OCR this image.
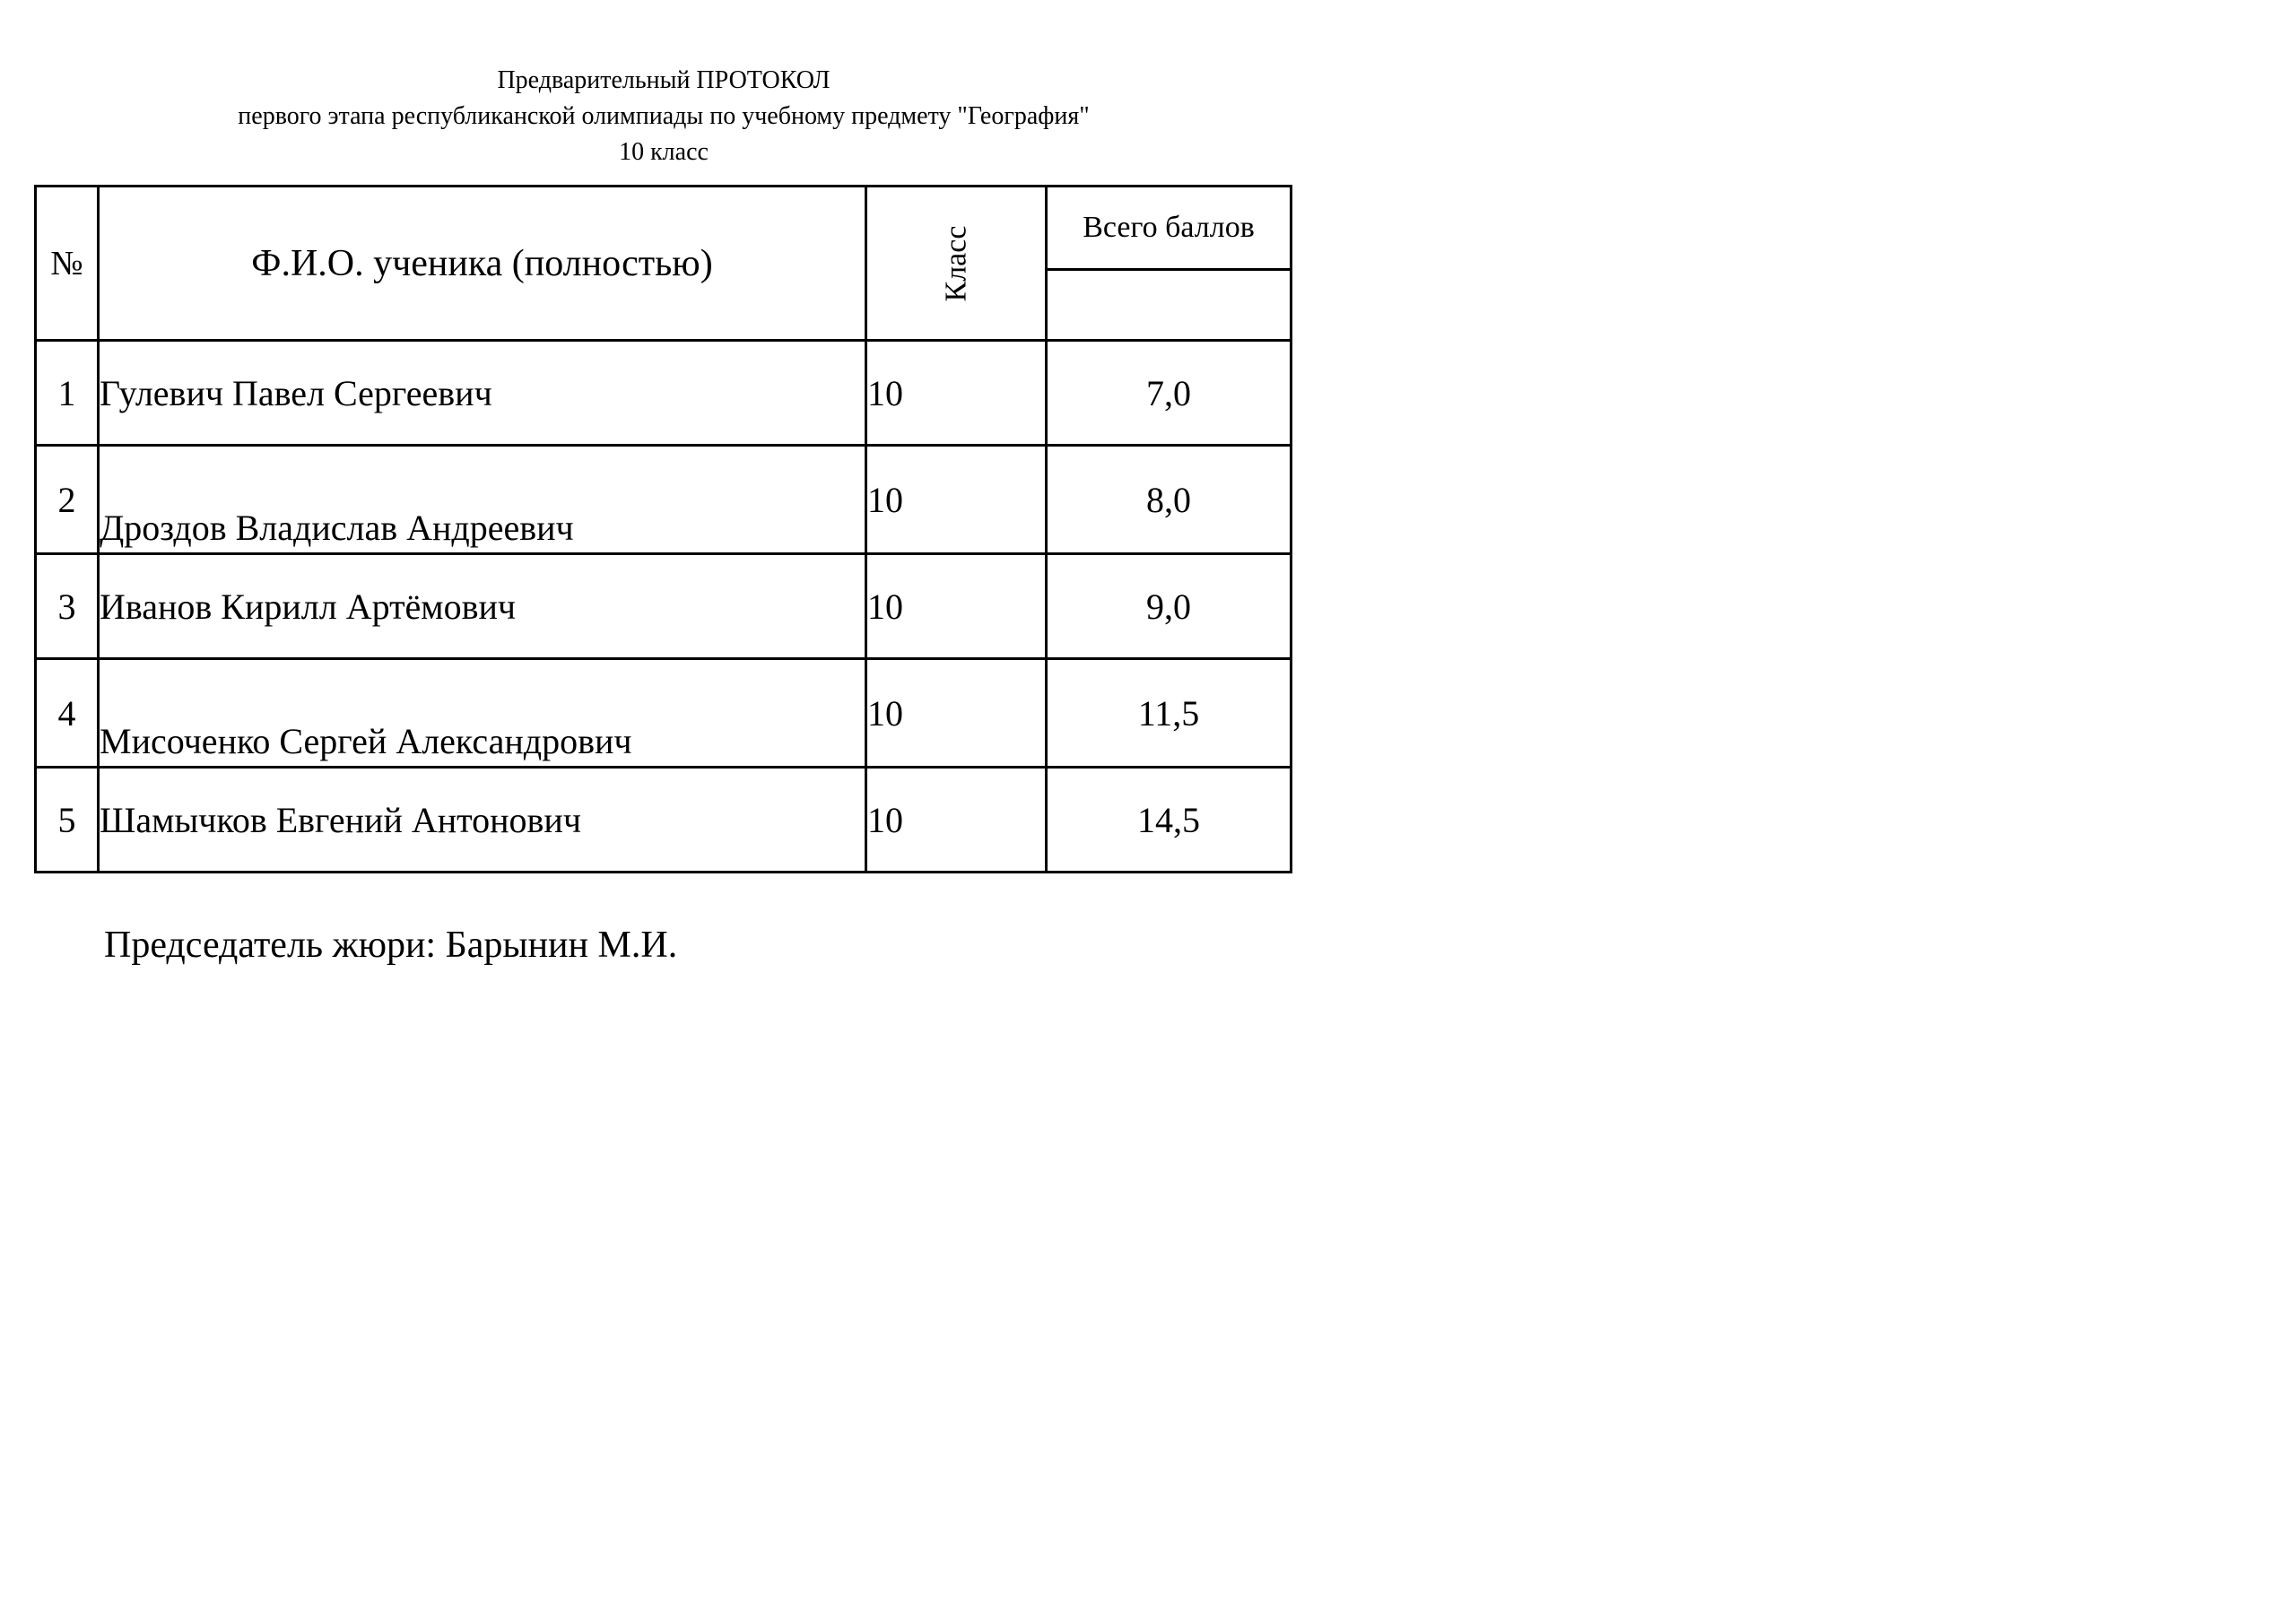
Предварительный ПРОТОКОЛ
первого этапа республиканской олимпиады по учебному предмету "География"
10 класс
№	Ф.И.О. ученика (полностью)	Класс	Всего баллов

1	Гулевич Павел Сергеевич	10	7,0
2	Дроздов Владислав Андреевич	10	8,0
3	Иванов Кирилл Артёмович	10	9,0
4	Мисоченко Сергей Александрович	10	11,5
5	Шамычков Евгений Антонович	10	14,5
Председатель жюри: Барынин М.И.
